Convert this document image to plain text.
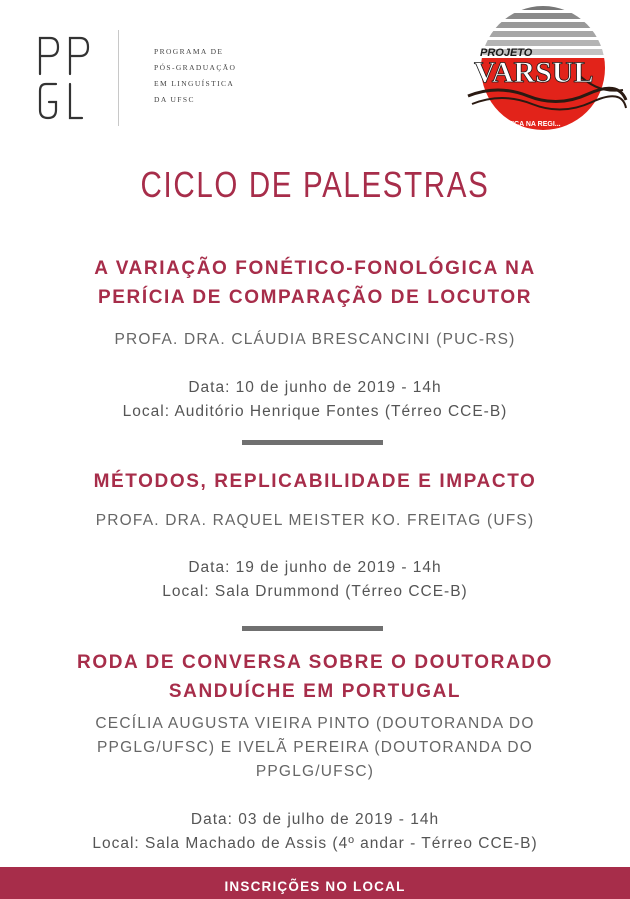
PROGRAMA DE
PÓS-GRADUAÇÃO
EM LINGUÍSTICA
DA UFSC
PROJETO
VARSUL
...TICA NA REGI...
CICLO DE PALESTRAS
A VARIAÇÃO FONÉTICO-FONOLÓGICA NA
PERÍCIA DE COMPARAÇÃO DE LOCUTOR
PROFA. DRA. CLÁUDIA BRESCANCINI (PUC-RS)
Data: 10 de junho de 2019 - 14h
Local: Auditório Henrique Fontes (Térreo CCE-B)
MÉTODOS, REPLICABILIDADE E IMPACTO
PROFA. DRA. RAQUEL MEISTER KO. FREITAG (UFS)
Data: 19 de junho de 2019 - 14h
Local: Sala Drummond (Térreo CCE-B)
RODA DE CONVERSA SOBRE O DOUTORADO
SANDUÍCHE EM PORTUGAL
CECÍLIA AUGUSTA VIEIRA PINTO (DOUTORANDA DO
PPGLG/UFSC) E IVELÃ PEREIRA (DOUTORANDA DO
PPGLG/UFSC)
Data: 03 de julho de 2019 - 14h
Local: Sala Machado de Assis (4º andar - Térreo CCE-B)
INSCRIÇÕES NO LOCAL
